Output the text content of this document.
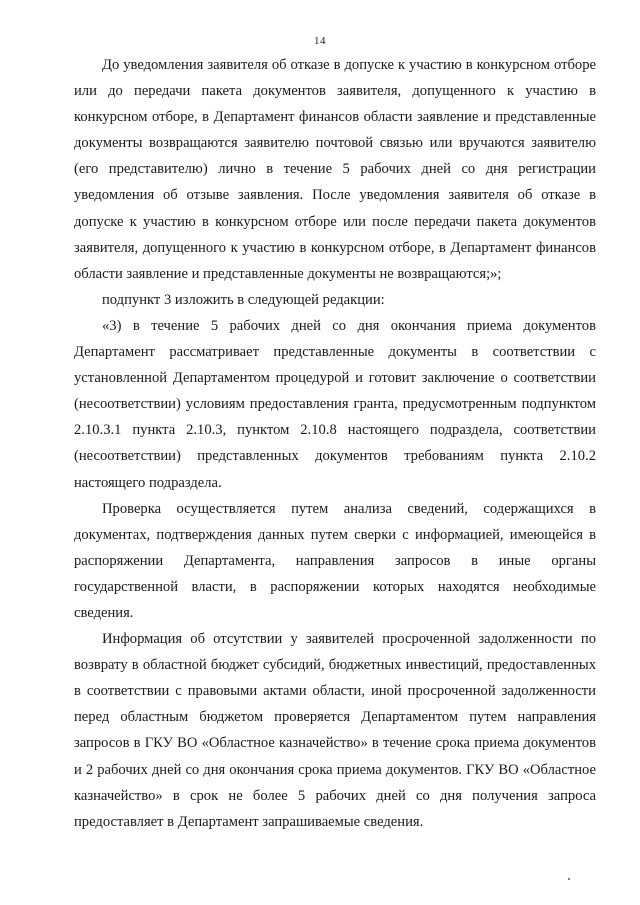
14

До уведомления заявителя об отказе в допуске к участию в конкурсном отборе или до передачи пакета документов заявителя, допущенного к участию в конкурсном отборе, в Департамент финансов области заявление и представленные документы возвращаются заявителю почтовой связью или вручаются заявителю (его представителю) лично в течение 5 рабочих дней со дня регистрации уведомления об отзыве заявления. После уведомления заявителя об отказе в допуске к участию в конкурсном отборе или после передачи пакета документов заявителя, допущенного к участию в конкурсном отборе, в Департамент финансов области заявление и представленные документы не возвращаются;»;

подпункт 3 изложить в следующей редакции:

«3) в течение 5 рабочих дней со дня окончания приема документов Департамент рассматривает представленные документы в соответствии с установленной Департаментом процедурой и готовит заключение о соответствии (несоответствии) условиям предоставления гранта, предусмотренным подпунктом 2.10.3.1 пункта 2.10.3, пунктом 2.10.8 настоящего подраздела, соответствии (несоответствии) представленных документов требованиям пункта 2.10.2 настоящего подраздела.

Проверка осуществляется путем анализа сведений, содержащихся в документах, подтверждения данных путем сверки с информацией, имеющейся в распоряжении Департамента, направления запросов в иные органы государственной власти, в распоряжении которых находятся необходимые сведения.

Информация об отсутствии у заявителей просроченной задолженности по возврату в областной бюджет субсидий, бюджетных инвестиций, предоставленных в соответствии с правовыми актами области, иной просроченной задолженности перед областным бюджетом проверяется Департаментом путем направления запросов в ГКУ ВО «Областное казначейство» в течение срока приема документов и 2 рабочих дней со дня окончания срока приема документов. ГКУ ВО «Областное казначейство» в срок не более 5 рабочих дней со дня получения запроса предоставляет в Департамент запрашиваемые сведения.
